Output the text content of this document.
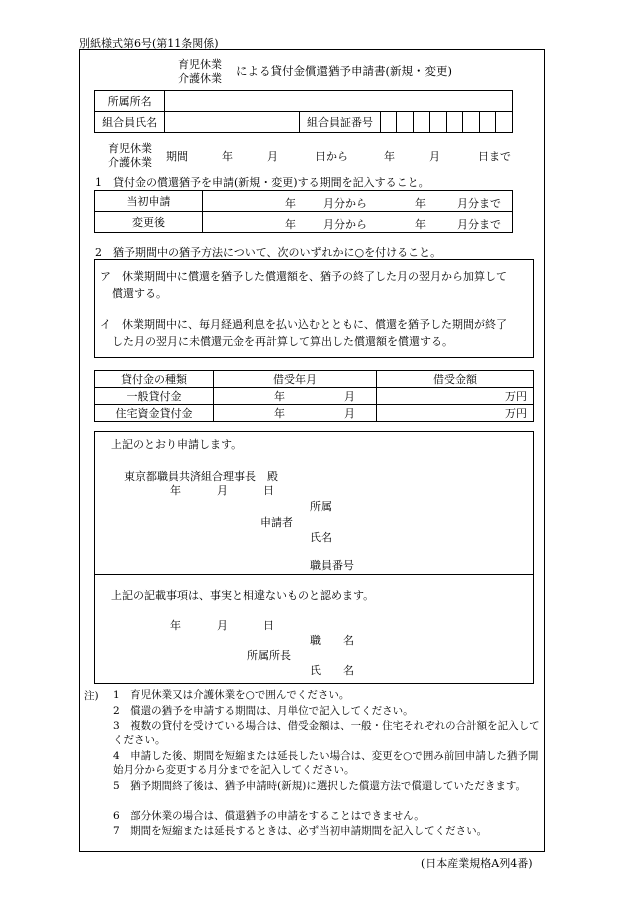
別紙様式第6号(第11条関係)
育児休業
介護休業
による貸付金償還猶予申請書(新規・変更)
所属所名										
組合員氏名		組合員証番号								
育児休業
介護休業 期間	年	月	日から	年	月	日まで
1　貸付金の償還猶予を申請(新規・変更)する期間を記入すること。
当初申請	年 月分から 年 月分まで

変更後	年 月分から 年 月分まで
2　猶予期間中の猶予方法について、次のいずれかに○を付けること。
ア　休業期間中に償還を猶予した償還額を、猶予の終了した月の翌月から加算して
償還する。
イ　休業期間中に、毎月経過利息を払い込むとともに、償還を猶予した期間が終了
した月の翌月に未償還元金を再計算して算出した償還額を償還する。
貸付金の種類	借受年月	借受金額
一般貸付金	年 月	万円
住宅資金貸付金	年 月	万円
上記のとおり申請します。
東京都職員共済組合理事長　殿
年	月	日
所属
申請者
氏名
職員番号
上記の記載事項は、事実と相違ないものと認めます。
年	月	日
職　　名
所属所長
氏　　名
注) 1　育児休業又は介護休業を○で囲んでください。
2　償還の猶予を申請する期間は、月単位で記入してください。
3　複数の貸付を受けている場合は、借受金額は、一般・住宅それぞれの合計額を記入してください。
4　申請した後、期間を短縮または延長したい場合は、変更を○で囲み前回申請した猶予開始月分から変更する月分までを記入してください。
5　猶予期間終了後は、猶予申請時(新規)に選択した償還方法で償還していただきます。
6　部分休業の場合は、償還猶予の申請をすることはできません。
7　期間を短縮または延長するときは、必ず当初申請期間を記入してください。
(日本産業規格A列4番)
